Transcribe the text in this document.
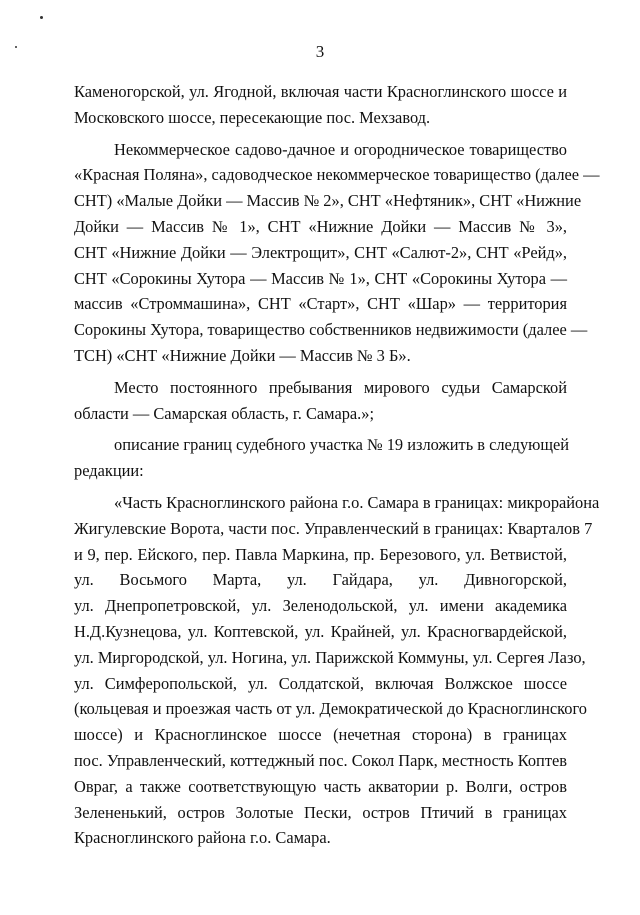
3
Каменогорской, ул. Ягодной, включая части Красноглинского шоссе и
Московского шоссе, пересекающие пос. Мехзавод.
Некоммерческое садово-дачное и огородническое товарищество
«Красная Поляна», садоводческое некоммерческое товарищество (далее —
СНТ) «Малые Дойки — Массив № 2», СНТ «Нефтяник», СНТ «Нижние
Дойки — Массив № 1», СНТ «Нижние Дойки — Массив № 3»,
СНТ «Нижние Дойки — Электрощит», СНТ «Салют-2», СНТ «Рейд»,
СНТ «Сорокины Хутора — Массив № 1», СНТ «Сорокины Хутора —
массив «Строммашина», СНТ «Старт», СНТ «Шар» — территория
Сорокины Хутора, товарищество собственников недвижимости (далее —
ТСН) «СНТ «Нижние Дойки — Массив № 3 Б».
Место постоянного пребывания мирового судьи Самарской
области — Самарская область, г. Самара.»;
описание границ судебного участка № 19 изложить в следующей
редакции:
«Часть Красноглинского района г.о. Самара в границах: микрорайона
Жигулевские Ворота, части пос. Управленческий в границах: Кварталов 7
и 9, пер. Ейского, пер. Павла Маркина, пр. Березового, ул. Ветвистой,
ул. Восьмого Марта, ул. Гайдара, ул. Дивногорской,
ул. Днепропетровской, ул. Зеленодольской, ул. имени академика
Н.Д.Кузнецова, ул. Коптевской, ул. Крайней, ул. Красногвардейской,
ул. Миргородской, ул. Ногина, ул. Парижской Коммуны, ул. Сергея Лазо,
ул. Симферопольской, ул. Солдатской, включая Волжское шоссе
(кольцевая и проезжая часть от ул. Демократической до Красноглинского
шоссе) и Красноглинское шоссе (нечетная сторона) в границах
пос. Управленческий, коттеджный пос. Сокол Парк, местность Коптев
Овраг, а также соответствующую часть акватории р. Волги, остров
Зелененький, остров Золотые Пески, остров Птичий в границах
Красноглинского района г.о. Самара.
